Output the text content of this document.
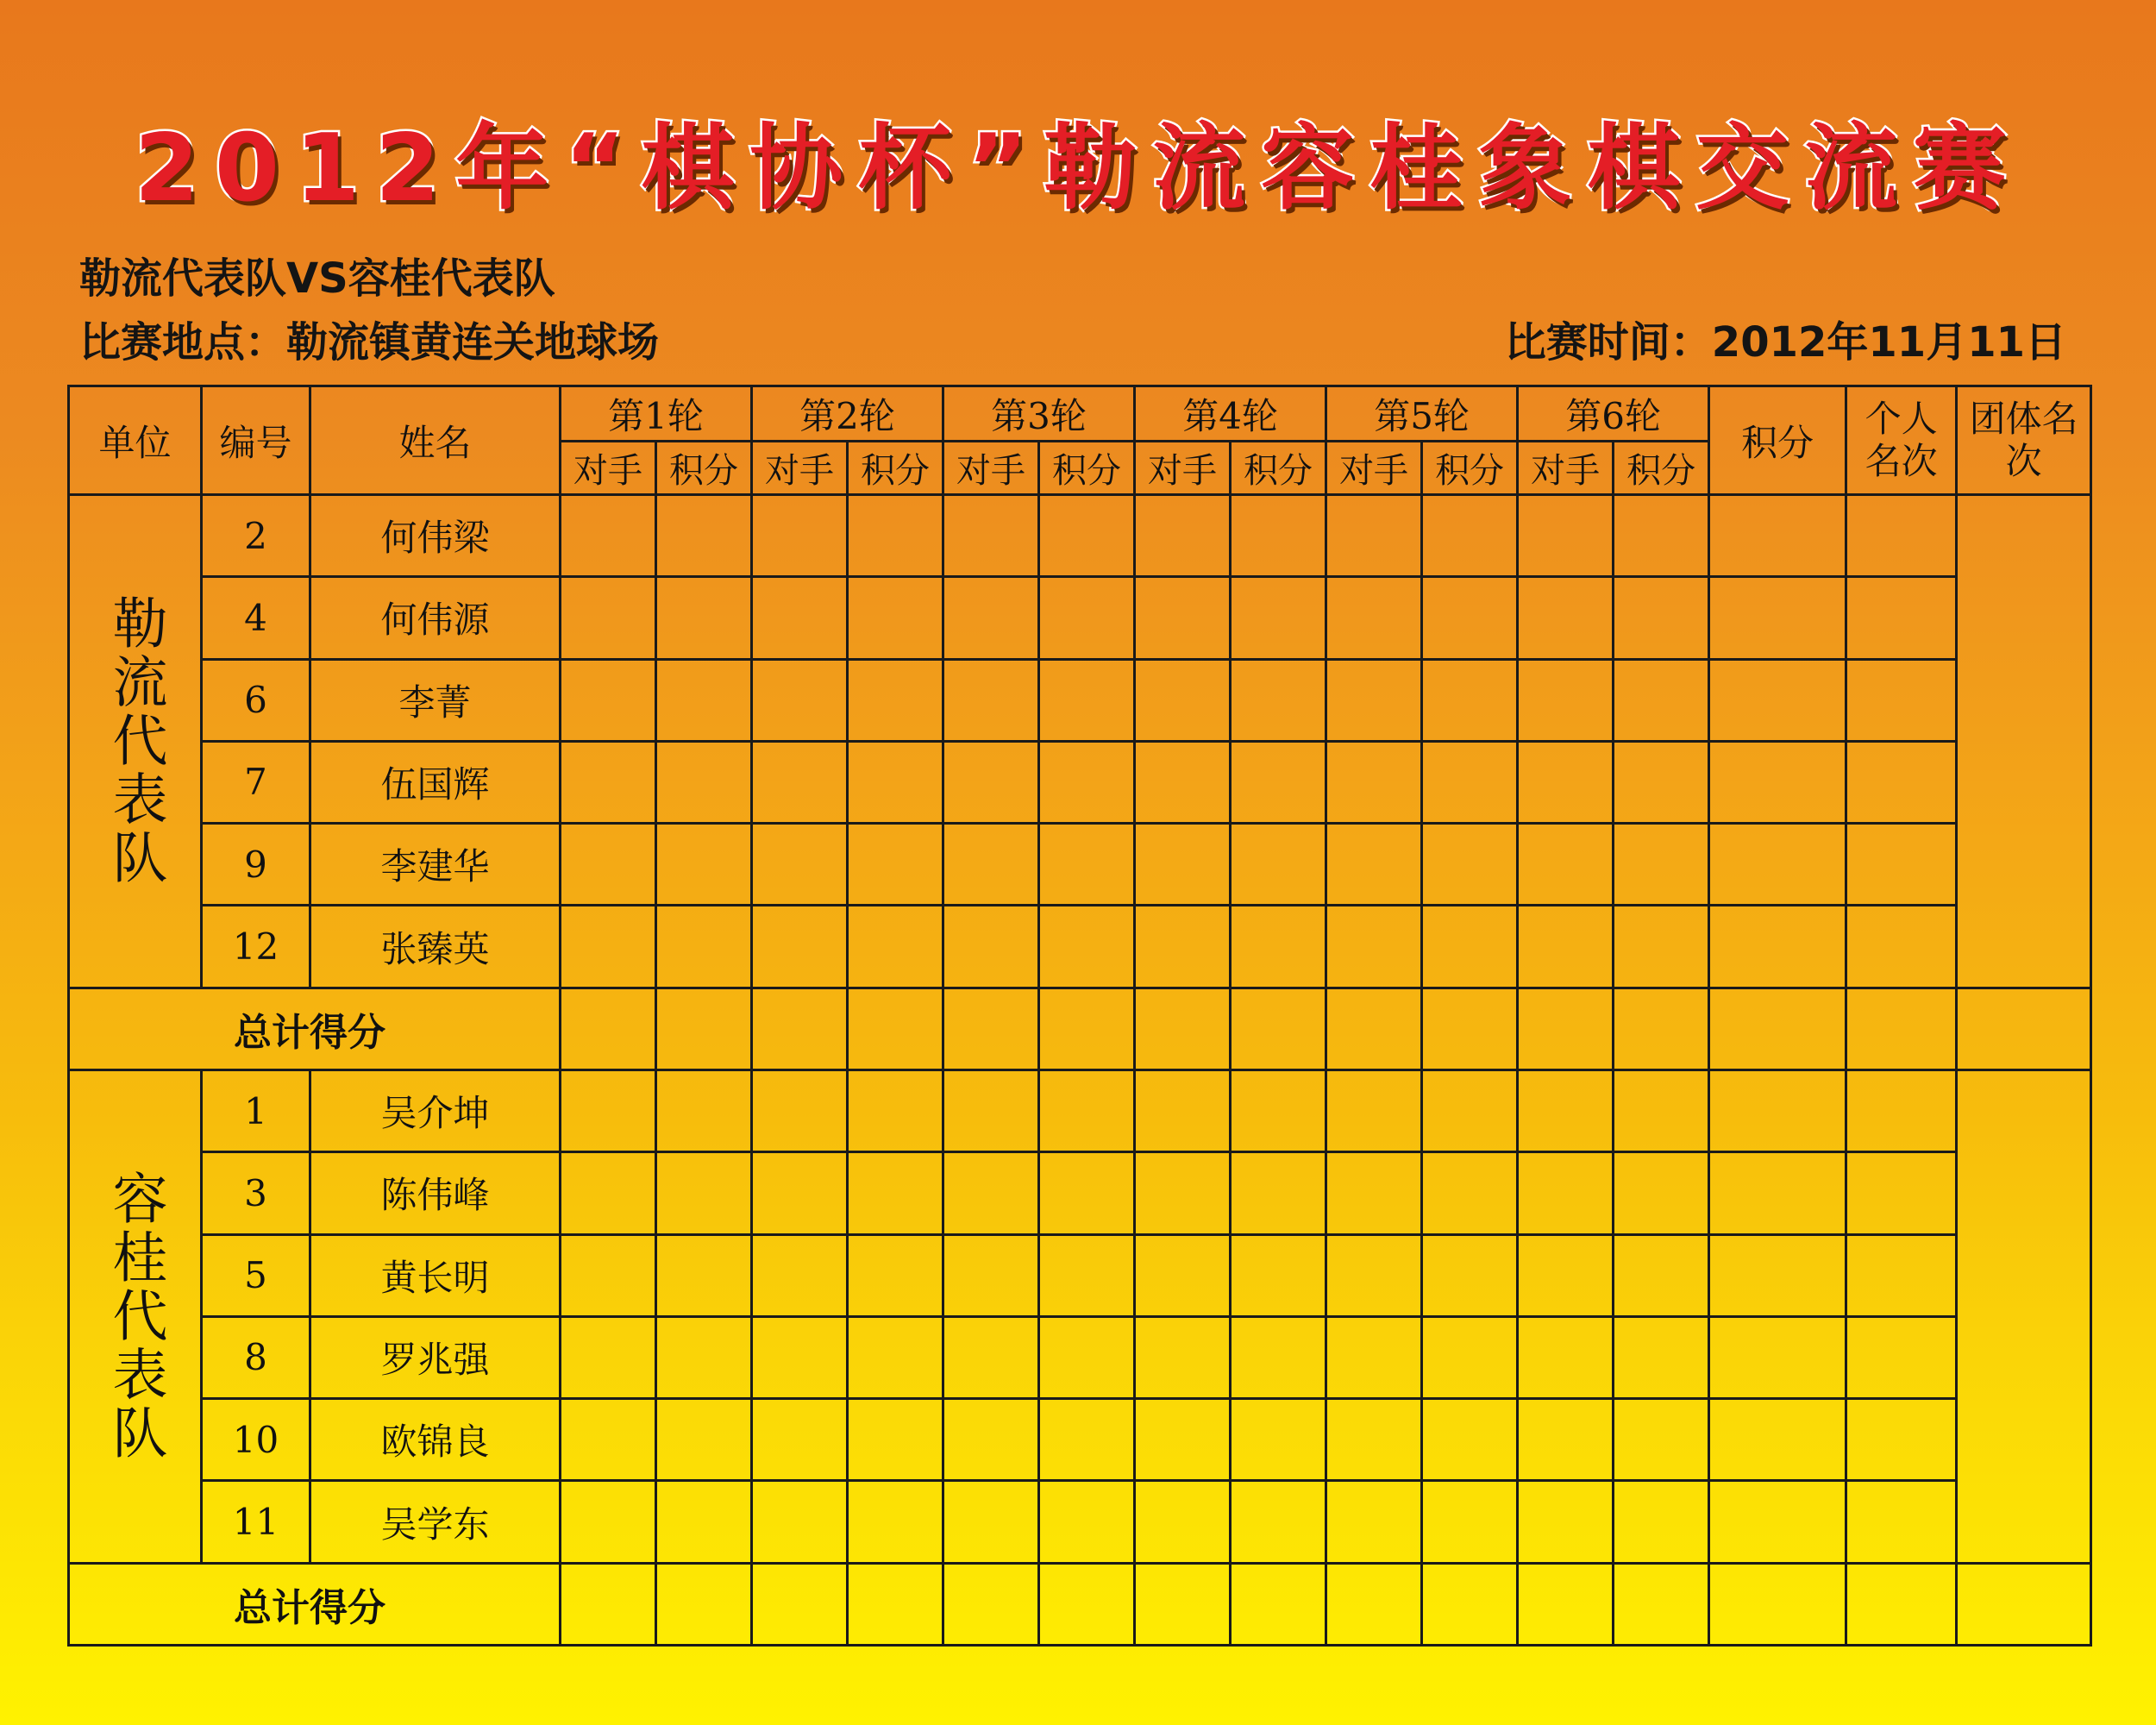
2012年“棋协杯”勒流容桂象棋交流赛
勒流代表队VS容桂代表队
比赛地点：勒流镇黄连关地球场	比赛时间：2012年11月11日
单位	编号	姓名	第1轮		第2轮		第3轮		第4轮		第5轮		第6轮		积分	个人名次	团体名次
			对手	积分	对手	积分	对手	积分	对手	积分	对手	积分	对手	积分			

勒流代表队	2	何伟梁															
	4	何伟源															
	6	李菁															
	7	伍国辉															
	9	李建华															
	12	张臻英															
总计得分																	

容桂代表队	1	吴介坤															
	3	陈伟峰															
	5	黄长明															
	8	罗兆强															
	10	欧锦良															
	11	吴学东															
总计得分																	
